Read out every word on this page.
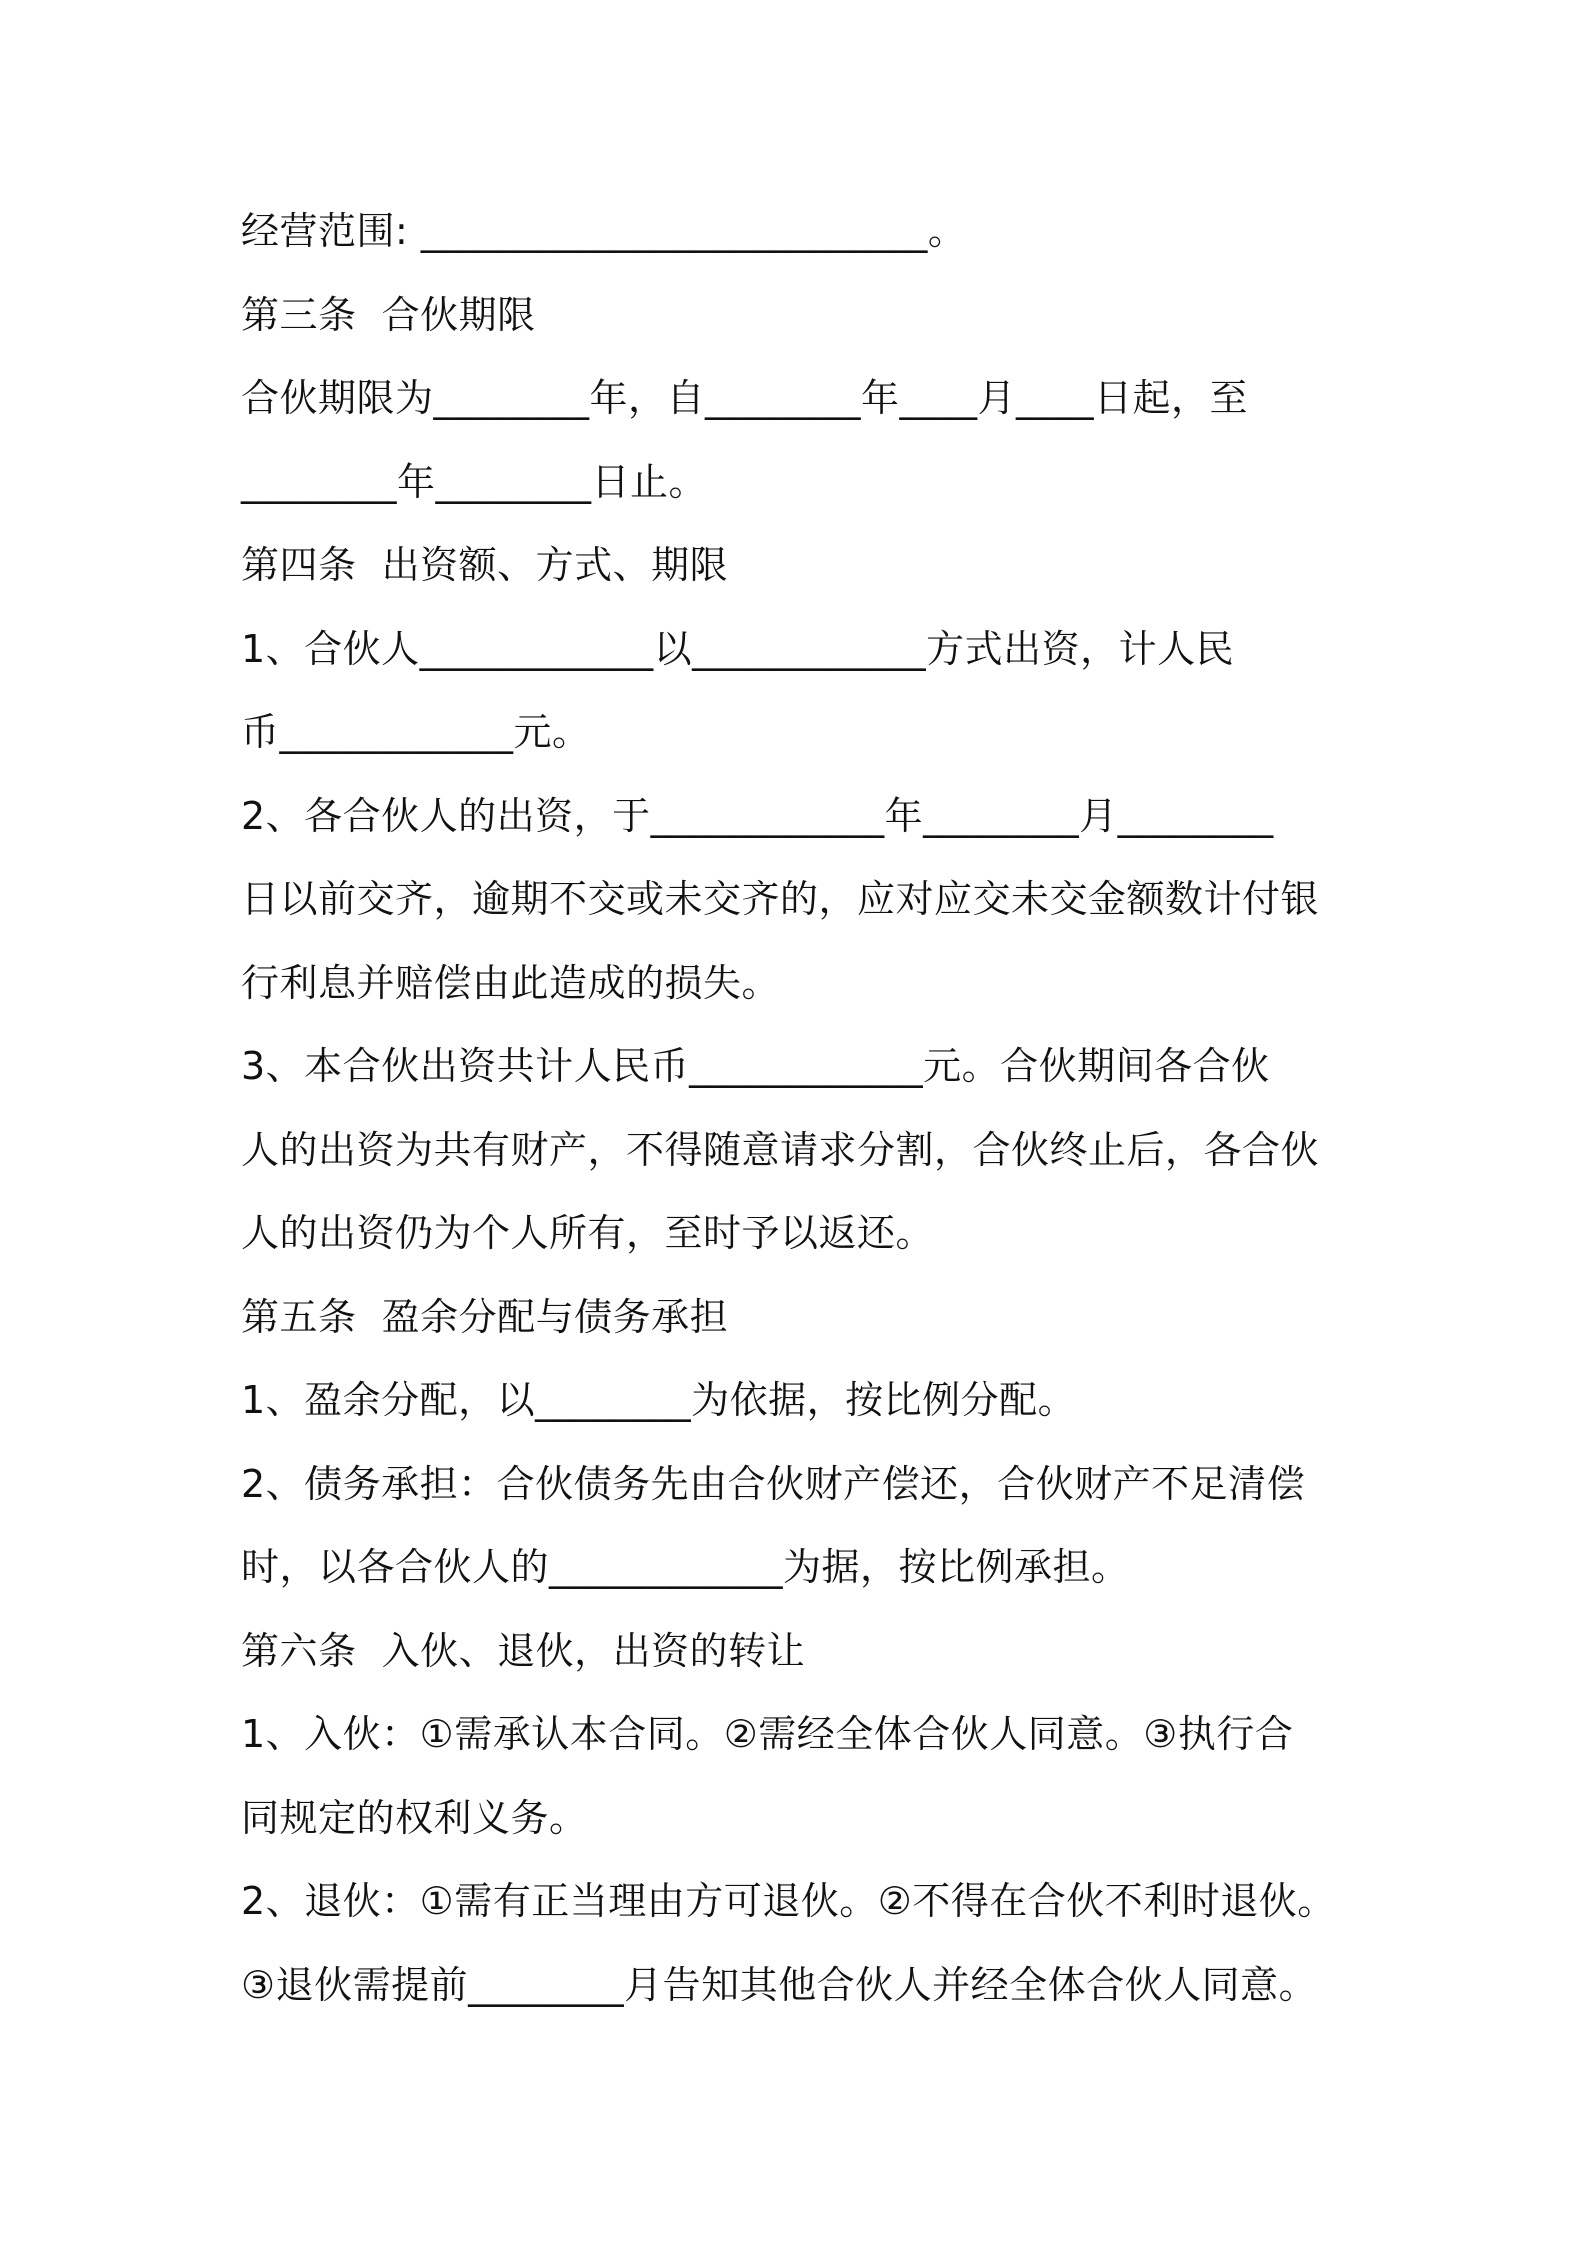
经营范围: __________________________。
第三条  合伙期限
合伙期限为________年，自________年____月____日起，至
________年________日止。
第四条  出资额、方式、期限
1、合伙人____________以____________方式出资，计人民
币____________元。
2、各合伙人的出资，于____________年________月________
日以前交齐，逾期不交或未交齐的，应对应交未交金额数计付银
行利息并赔偿由此造成的损失。
3、本合伙出资共计人民币____________元。合伙期间各合伙
人的出资为共有财产，不得随意请求分割，合伙终止后，各合伙
人的出资仍为个人所有，至时予以返还。
第五条  盈余分配与债务承担
1、盈余分配，以________为依据，按比例分配。
2、债务承担：合伙债务先由合伙财产偿还，合伙财产不足清偿
时，以各合伙人的____________为据，按比例承担。
第六条  入伙、退伙，出资的转让
1、入伙：①需承认本合同。②需经全体合伙人同意。③执行合
同规定的权利义务。
2、退伙：①需有正当理由方可退伙。②不得在合伙不利时退伙。
③退伙需提前________月告知其他合伙人并经全体合伙人同意。
